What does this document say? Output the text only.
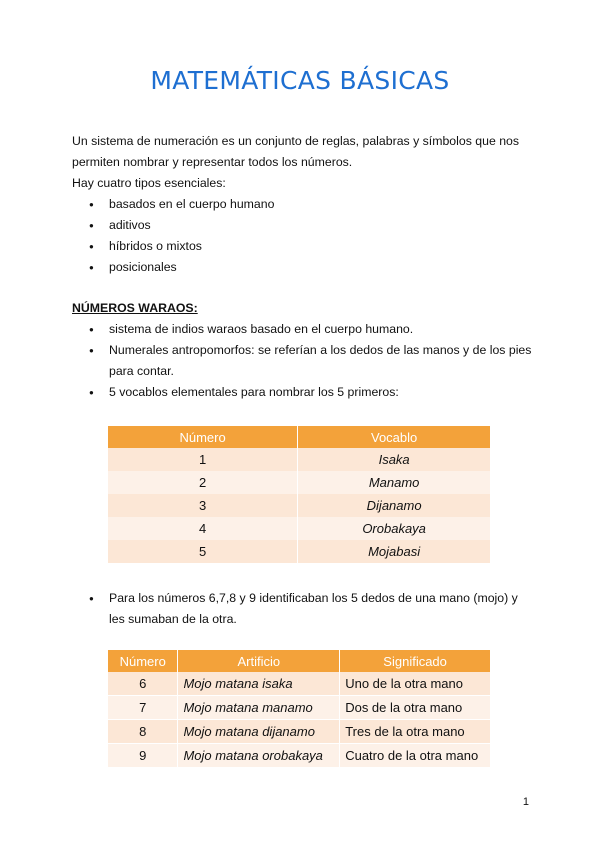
MATEMÁTICAS BÁSICAS

Un sistema de numeración es un conjunto de reglas, palabras y símbolos que nos
permiten nombrar y representar todos los números.
Hay cuatro tipos esenciales:

● basados en el cuerpo humano
● aditivos
● híbridos o mixtos
● posicionales

NÚMEROS WARAOS:

● sistema de indios waraos basado en el cuerpo humano.
● Numerales antropomorfos: se referían a los dedos de las manos y de los pies
para contar.
● 5 vocablos elementales para nombrar los 5 primeros:
Número	Vocablo
1	Isaka
2	Manamo
3	Dijanamo
4	Orobakaya
5	Mojabasi
● Para los números 6,7,8 y 9 identificaban los 5 dedos de una mano (mojo) y
les sumaban de la otra.
Número	Artificio	Significado
6	Mojo matana isaka	Uno de la otra mano
7	Mojo matana manamo	Dos de la otra mano
8	Mojo matana dijanamo	Tres de la otra mano
9	Mojo matana orobakaya	Cuatro de la otra mano
1
